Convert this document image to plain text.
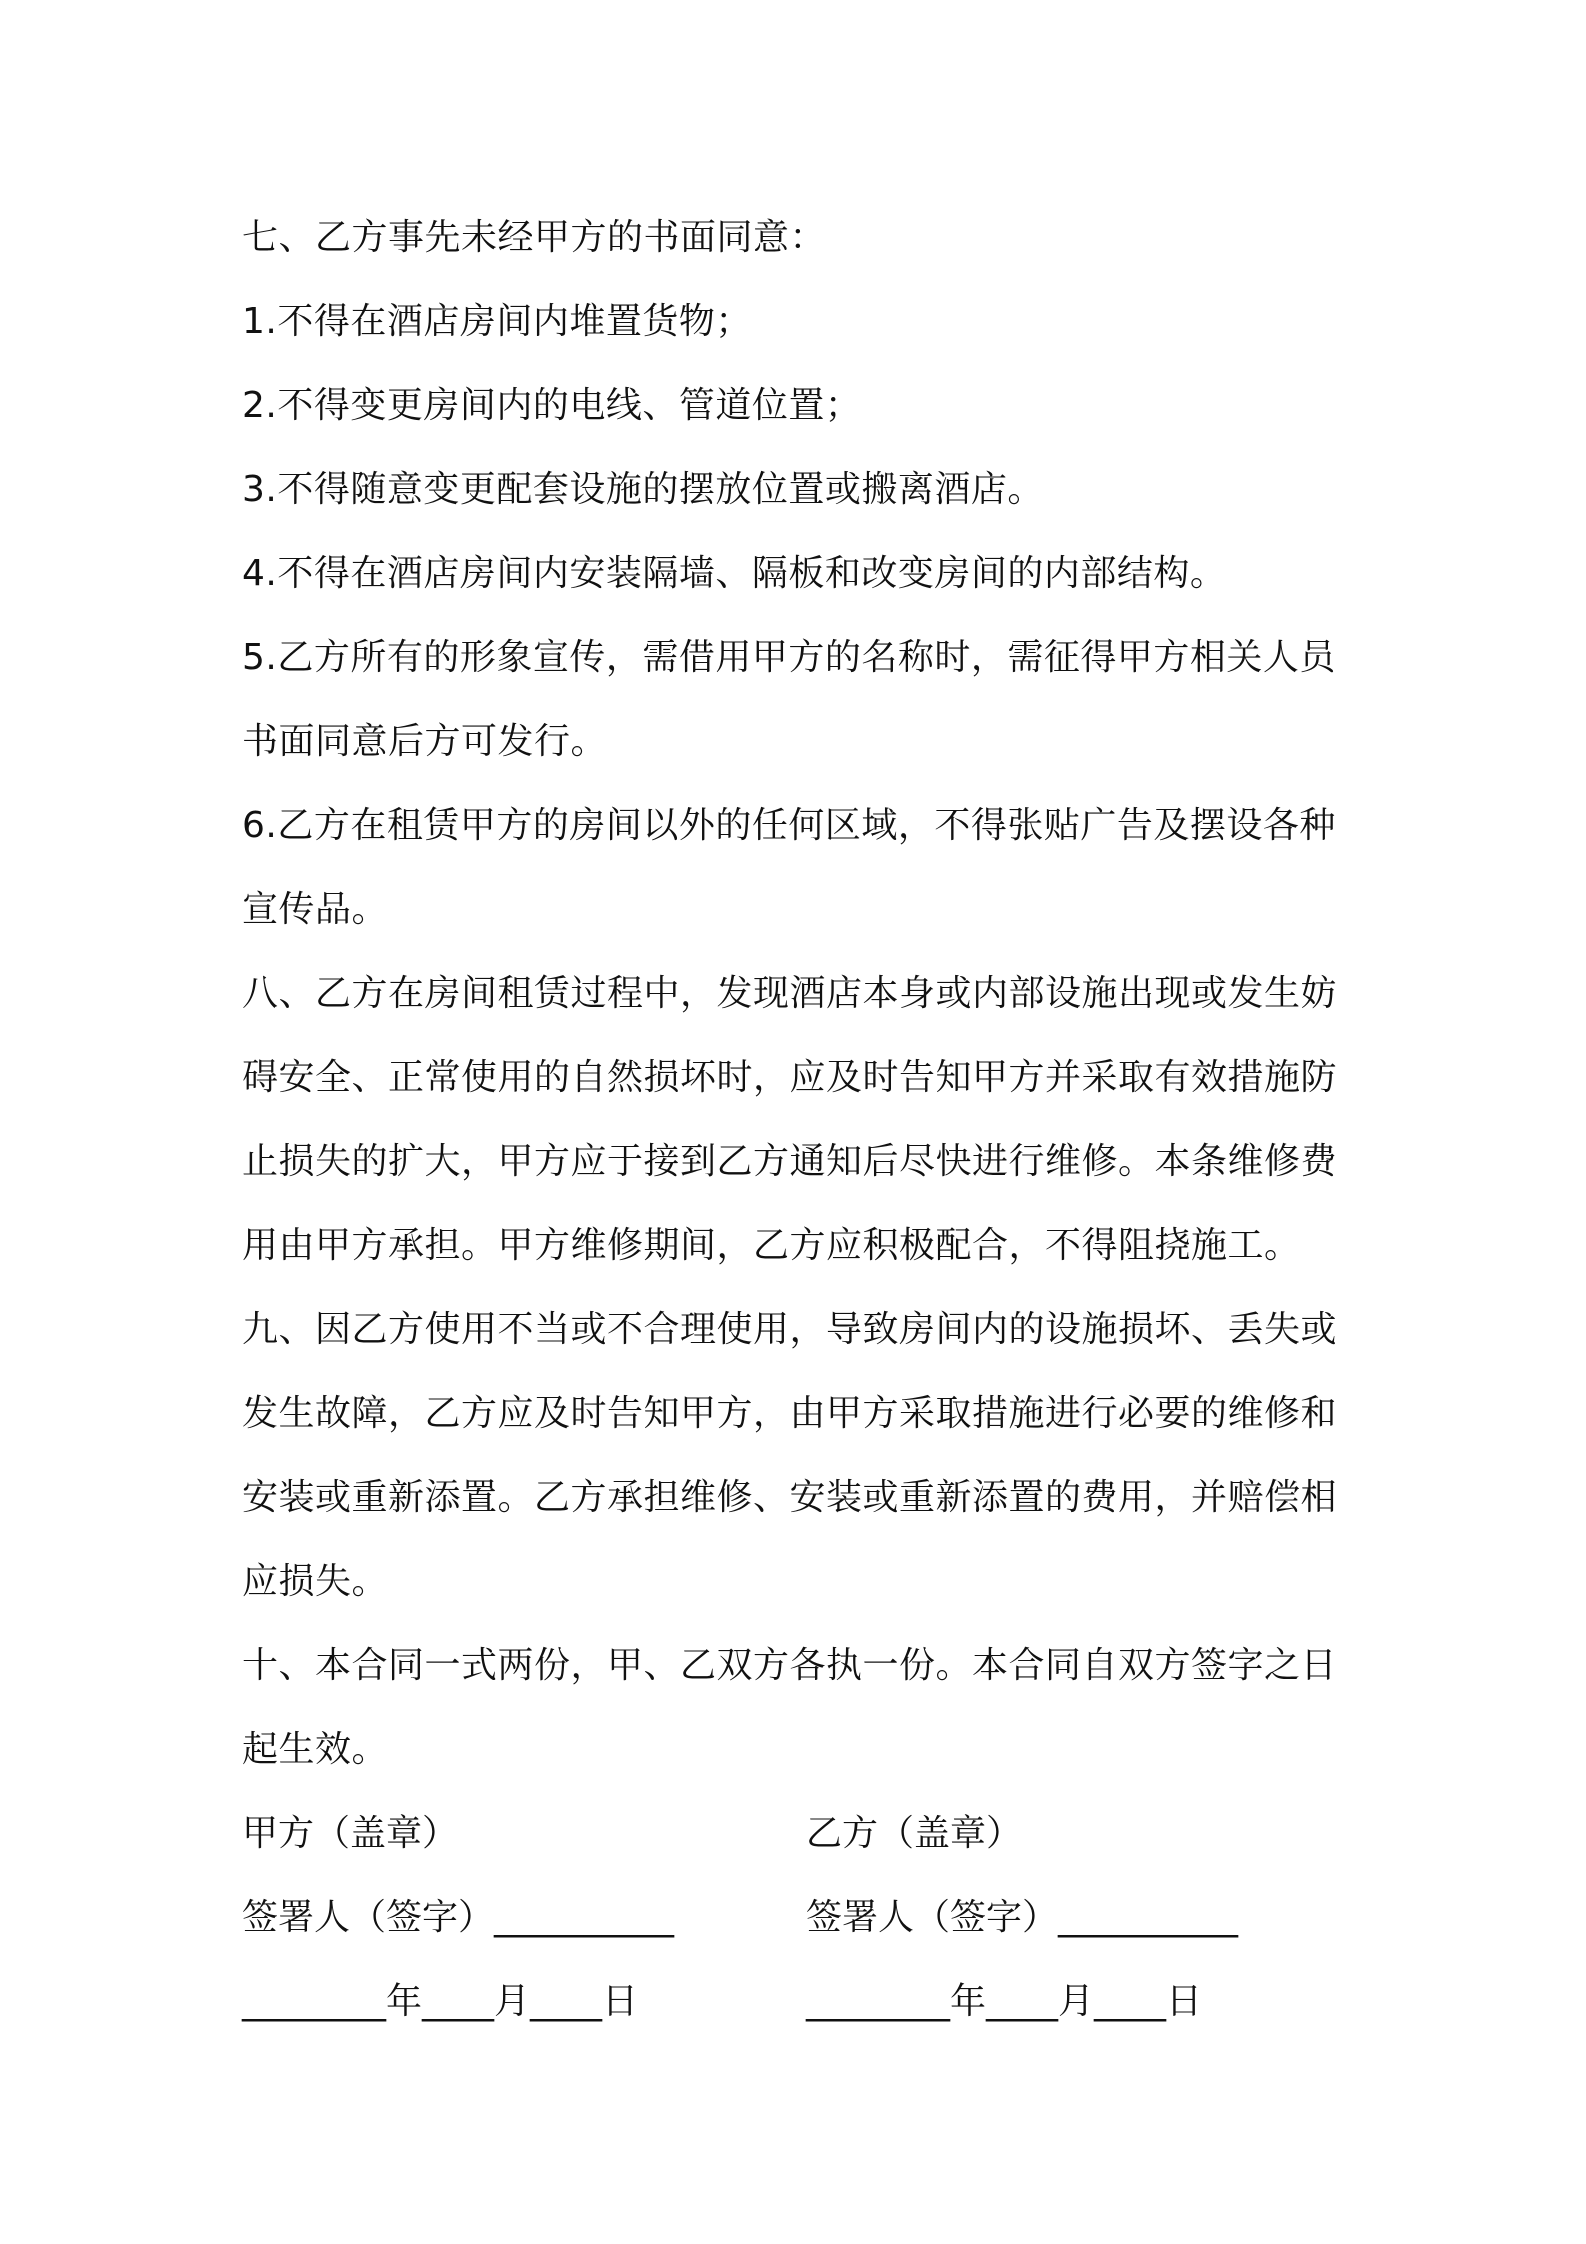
七、乙方事先未经甲方的书面同意：
1.不得在酒店房间内堆置货物；
2.不得变更房间内的电线、管道位置；
3.不得随意变更配套设施的摆放位置或搬离酒店。
4.不得在酒店房间内安装隔墙、隔板和改变房间的内部结构。
5.乙方所有的形象宣传，需借用甲方的名称时，需征得甲方相关人员
书面同意后方可发行。
6.乙方在租赁甲方的房间以外的任何区域，不得张贴广告及摆设各种
宣传品。
八、乙方在房间租赁过程中，发现酒店本身或内部设施出现或发生妨
碍安全、正常使用的自然损坏时，应及时告知甲方并采取有效措施防
止损失的扩大，甲方应于接到乙方通知后尽快进行维修。本条维修费
用由甲方承担。甲方维修期间，乙方应积极配合，不得阻挠施工。
九、因乙方使用不当或不合理使用，导致房间内的设施损坏、丢失或
发生故障，乙方应及时告知甲方，由甲方采取措施进行必要的维修和
安装或重新添置。乙方承担维修、安装或重新添置的费用，并赔偿相
应损失。
十、本合同一式两份，甲、乙双方各执一份。本合同自双方签字之日
起生效。
甲方（盖章）	乙方（盖章）
签署人（签字）__________	签署人（签字）__________
________年____月____日	________年____月____日
